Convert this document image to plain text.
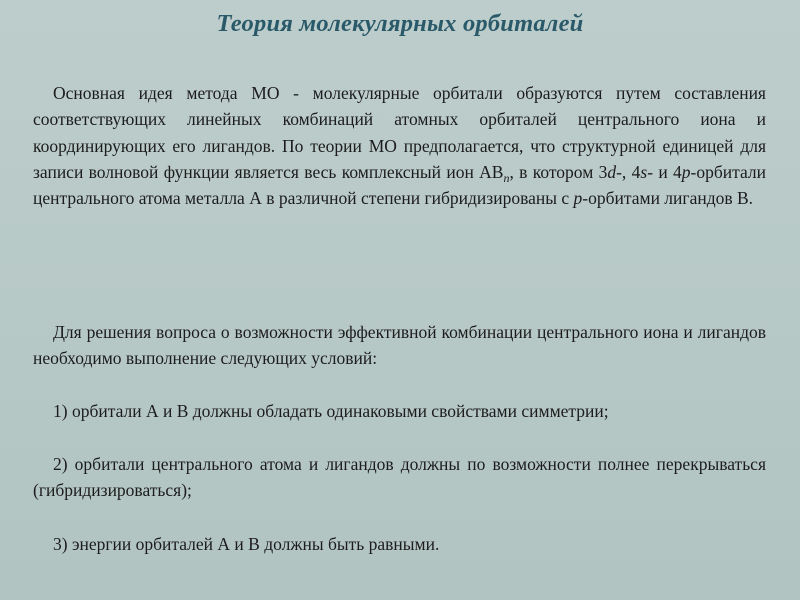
Теория молекулярных орбиталей
Основная идея метода МО - молекулярные орбитали образуются путем составления соответствующих линейных комбинаций атомных орбиталей центрального иона и координирующих его лигандов. По теории МО предполагается, что структурной единицей для записи волновой функции является весь комплексный ион $АВ_n$, в котором 3d-, 4s- и 4p-орбитали центрального атома металла А в различной степени гибридизированы с p-орбитами лигандов В.
Для решения вопроса о возможности эффективной комбинации центрального иона и лигандов необходимо выполнение следующих условий:
1) орбитали А и В должны обладать одинаковыми свойствами симметрии;
2) орбитали центрального атома и лигандов должны по возможности полнее перекрываться (гибридизироваться);
3) энергии орбиталей А и В должны быть равными.
